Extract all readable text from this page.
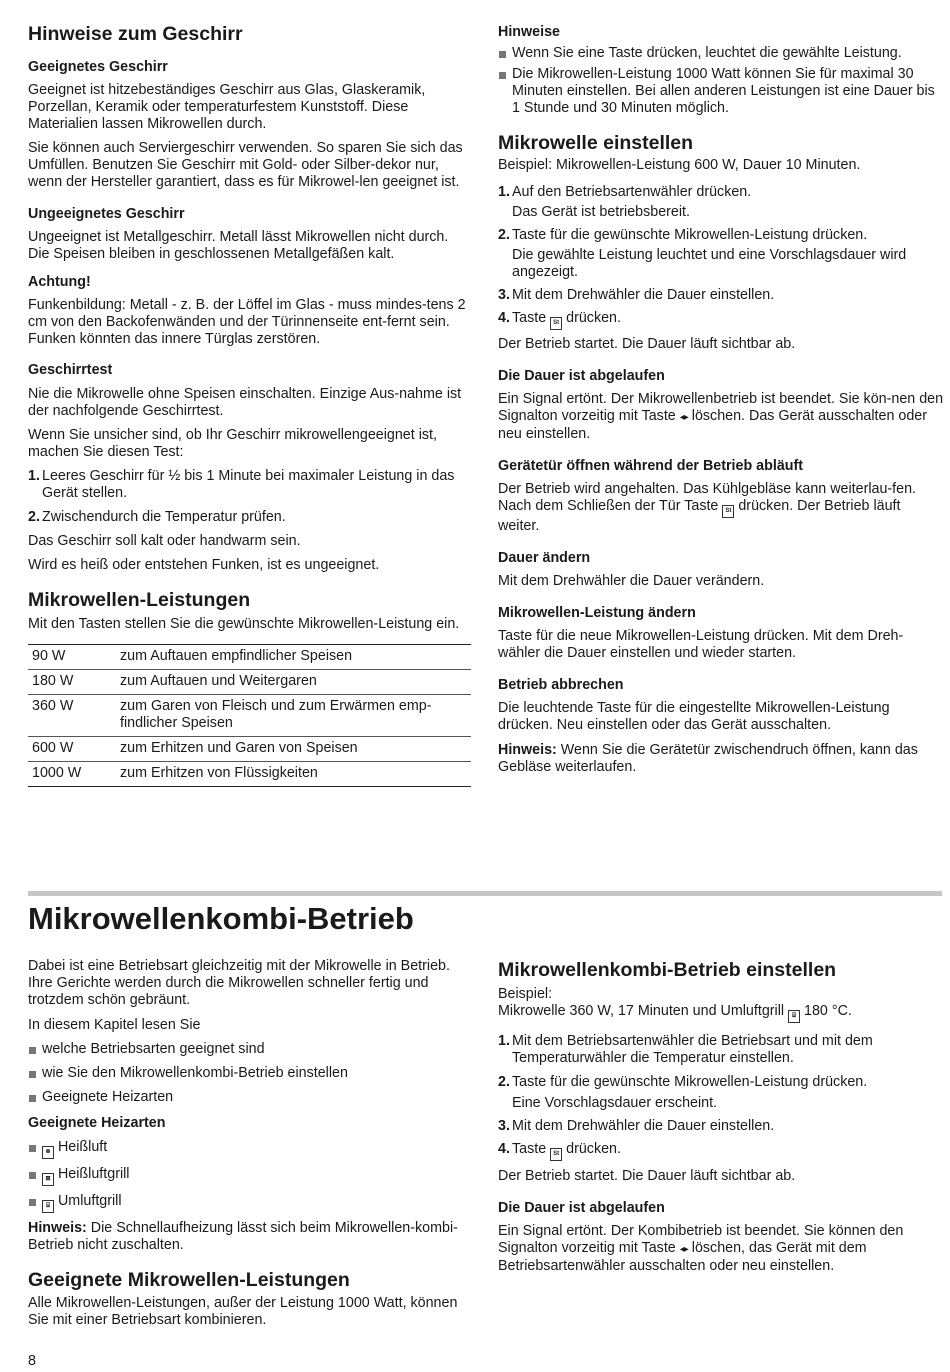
Hinweise zum Geschirr
Geeignetes Geschirr

Geeignet ist hitzebeständiges Geschirr aus Glas, Glaskeramik, Porzellan, Keramik oder temperaturfestem Kunststoff. Diese Materialien lassen Mikrowellen durch.

Sie können auch Serviergeschirr verwenden. So sparen Sie sich das Umfüllen. Benutzen Sie Geschirr mit Gold- oder Silber-dekor nur, wenn der Hersteller garantiert, dass es für Mikrowel-len geeignet ist.

Ungeeignetes Geschirr

Ungeeignet ist Metallgeschirr. Metall lässt Mikrowellen nicht durch. Die Speisen bleiben in geschlossenen Metallgefäßen kalt.

Achtung!

Funkenbildung: Metall - z. B. der Löffel im Glas - muss mindes-tens 2 cm von den Backofenwänden und der Türinnenseite ent-fernt sein. Funken könnten das innere Türglas zerstören.

Geschirrtest

Nie die Mikrowelle ohne Speisen einschalten. Einzige Aus-nahme ist der nachfolgende Geschirrtest.

Wenn Sie unsicher sind, ob Ihr Geschirr mikrowellengeeignet ist, machen Sie diesen Test:

1. Leeres Geschirr für ½ bis 1 Minute bei maximaler Leistung in das Gerät stellen.
2. Zwischendurch die Temperatur prüfen.

Das Geschirr soll kalt oder handwarm sein.

Wird es heiß oder entstehen Funken, ist es ungeeignet.

Mikrowellen-Leistungen

Mit den Tasten stellen Sie die gewünschte Mikrowellen-Leistung ein.

90 W	zum Auftauen empfindlicher Speisen
180 W	zum Auftauen und Weitergaren
360 W	zum Garen von Fleisch und zum Erwärmen emp-findlicher Speisen
600 W	zum Erhitzen und Garen von Speisen
1000 W	zum Erhitzen von Flüssigkeiten
Hinweise
Wenn Sie eine Taste drücken, leuchtet die gewählte Leistung.
Die Mikrowellen-Leistung 1000 Watt können Sie für maximal 30 Minuten einstellen. Bei allen anderen Leistungen ist eine Dauer bis 1 Stunde und 30 Minuten möglich.
Mikrowelle einstellen

Beispiel: Mikrowellen-Leistung 600 W, Dauer 10 Minuten.

1. Auf den Betriebsartenwähler drücken.

Das Gerät ist betriebsbereit.

2. Taste für die gewünschte Mikrowellen-Leistung drücken.

Die gewählte Leistung leuchtet und eine Vorschlagsdauer wird angezeigt.

3. Mit dem Drehwähler die Dauer einstellen.
4. Taste St drücken.

Der Betrieb startet. Die Dauer läuft sichtbar ab.

Die Dauer ist abgelaufen

Ein Signal ertönt. Der Mikrowellenbetrieb ist beendet. Sie kön-nen den Signalton vorzeitig mit Taste ◂▸ löschen. Das Gerät ausschalten oder neu einstellen.

Gerätetür öffnen während der Betrieb abläuft

Der Betrieb wird angehalten. Das Kühlgebläse kann weiterlau-fen. Nach dem Schließen der Tür Taste St drücken. Der Betrieb läuft weiter.

Dauer ändern

Mit dem Drehwähler die Dauer verändern.

Mikrowellen-Leistung ändern

Taste für die neue Mikrowellen-Leistung drücken. Mit dem Dreh-wähler die Dauer einstellen und wieder starten.

Betrieb abbrechen

Die leuchtende Taste für die eingestellte Mikrowellen-Leistung drücken. Neu einstellen oder das Gerät ausschalten.

Hinweis: Wenn Sie die Gerätetür zwischendruch öffnen, kann das Gebläse weiterlaufen.

Mikrowellenkombi-Betrieb

Dabei ist eine Betriebsart gleichzeitig mit der Mikrowelle in Betrieb. Ihre Gerichte werden durch die Mikrowellen schneller fertig und trotzdem schön gebräunt.

In diesem Kapitel lesen Sie

welche Betriebsarten geeignet sind
wie Sie den Mikrowellenkombi-Betrieb einstellen
Geeignete Heizarten
Geeignete Heizarten
⊛ Heißluft
⊠ Heißluftgrill
⌸ Umluftgrill

Hinweis: Die Schnellaufheizung lässt sich beim Mikrowellen-kombi-Betrieb nicht zuschalten.

Geeignete Mikrowellen-Leistungen

Alle Mikrowellen-Leistungen, außer der Leistung 1000 Watt, können Sie mit einer Betriebsart kombinieren.

Mikrowellenkombi-Betrieb einstellen

Beispiel:

Mikrowelle 360 W, 17 Minuten und Umluftgrill ⌸ 180 °C.

1. Mit dem Betriebsartenwähler die Betriebsart und mit dem Temperaturwähler die Temperatur einstellen.
2. Taste für die gewünschte Mikrowellen-Leistung drücken.

Eine Vorschlagsdauer erscheint.

3. Mit dem Drehwähler die Dauer einstellen.
4. Taste St drücken.

Der Betrieb startet. Die Dauer läuft sichtbar ab.

Die Dauer ist abgelaufen

Ein Signal ertönt. Der Kombibetrieb ist beendet. Sie können den Signalton vorzeitig mit Taste ◂▸ löschen, das Gerät mit dem Betriebsartenwähler ausschalten oder neu einstellen.

8
